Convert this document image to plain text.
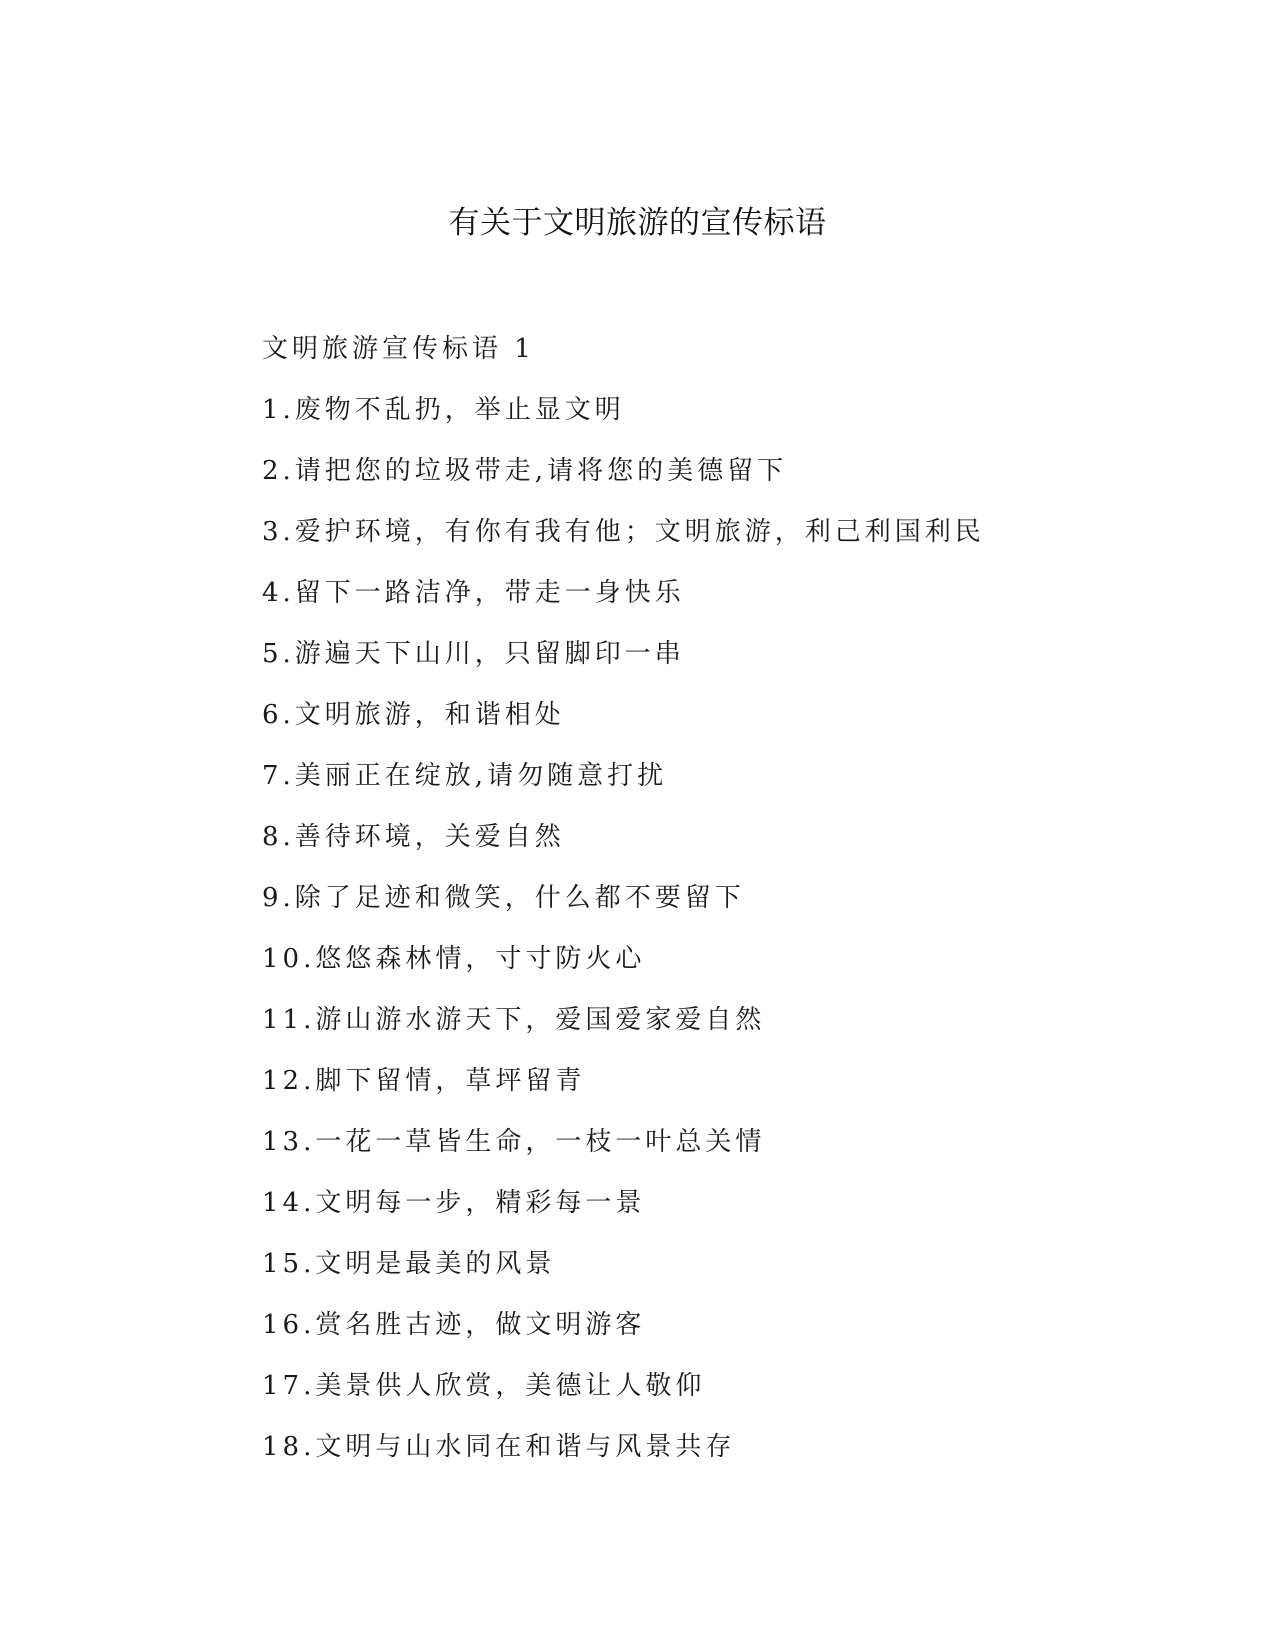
有关于文明旅游的宣传标语
文明旅游宣传标语 1
1.废物不乱扔，举止显文明
2.请把您的垃圾带走,请将您的美德留下
3.爱护环境，有你有我有他；文明旅游，利己利国利民
4.留下一路洁净，带走一身快乐
5.游遍天下山川，只留脚印一串
6.文明旅游，和谐相处
7.美丽正在绽放,请勿随意打扰
8.善待环境，关爱自然
9.除了足迹和微笑，什么都不要留下
10.悠悠森林情，寸寸防火心
11.游山游水游天下，爱国爱家爱自然
12.脚下留情，草坪留青
13.一花一草皆生命，一枝一叶总关情
14.文明每一步，精彩每一景
15.文明是最美的风景
16.赏名胜古迹，做文明游客
17.美景供人欣赏，美德让人敬仰
18.文明与山水同在和谐与风景共存
